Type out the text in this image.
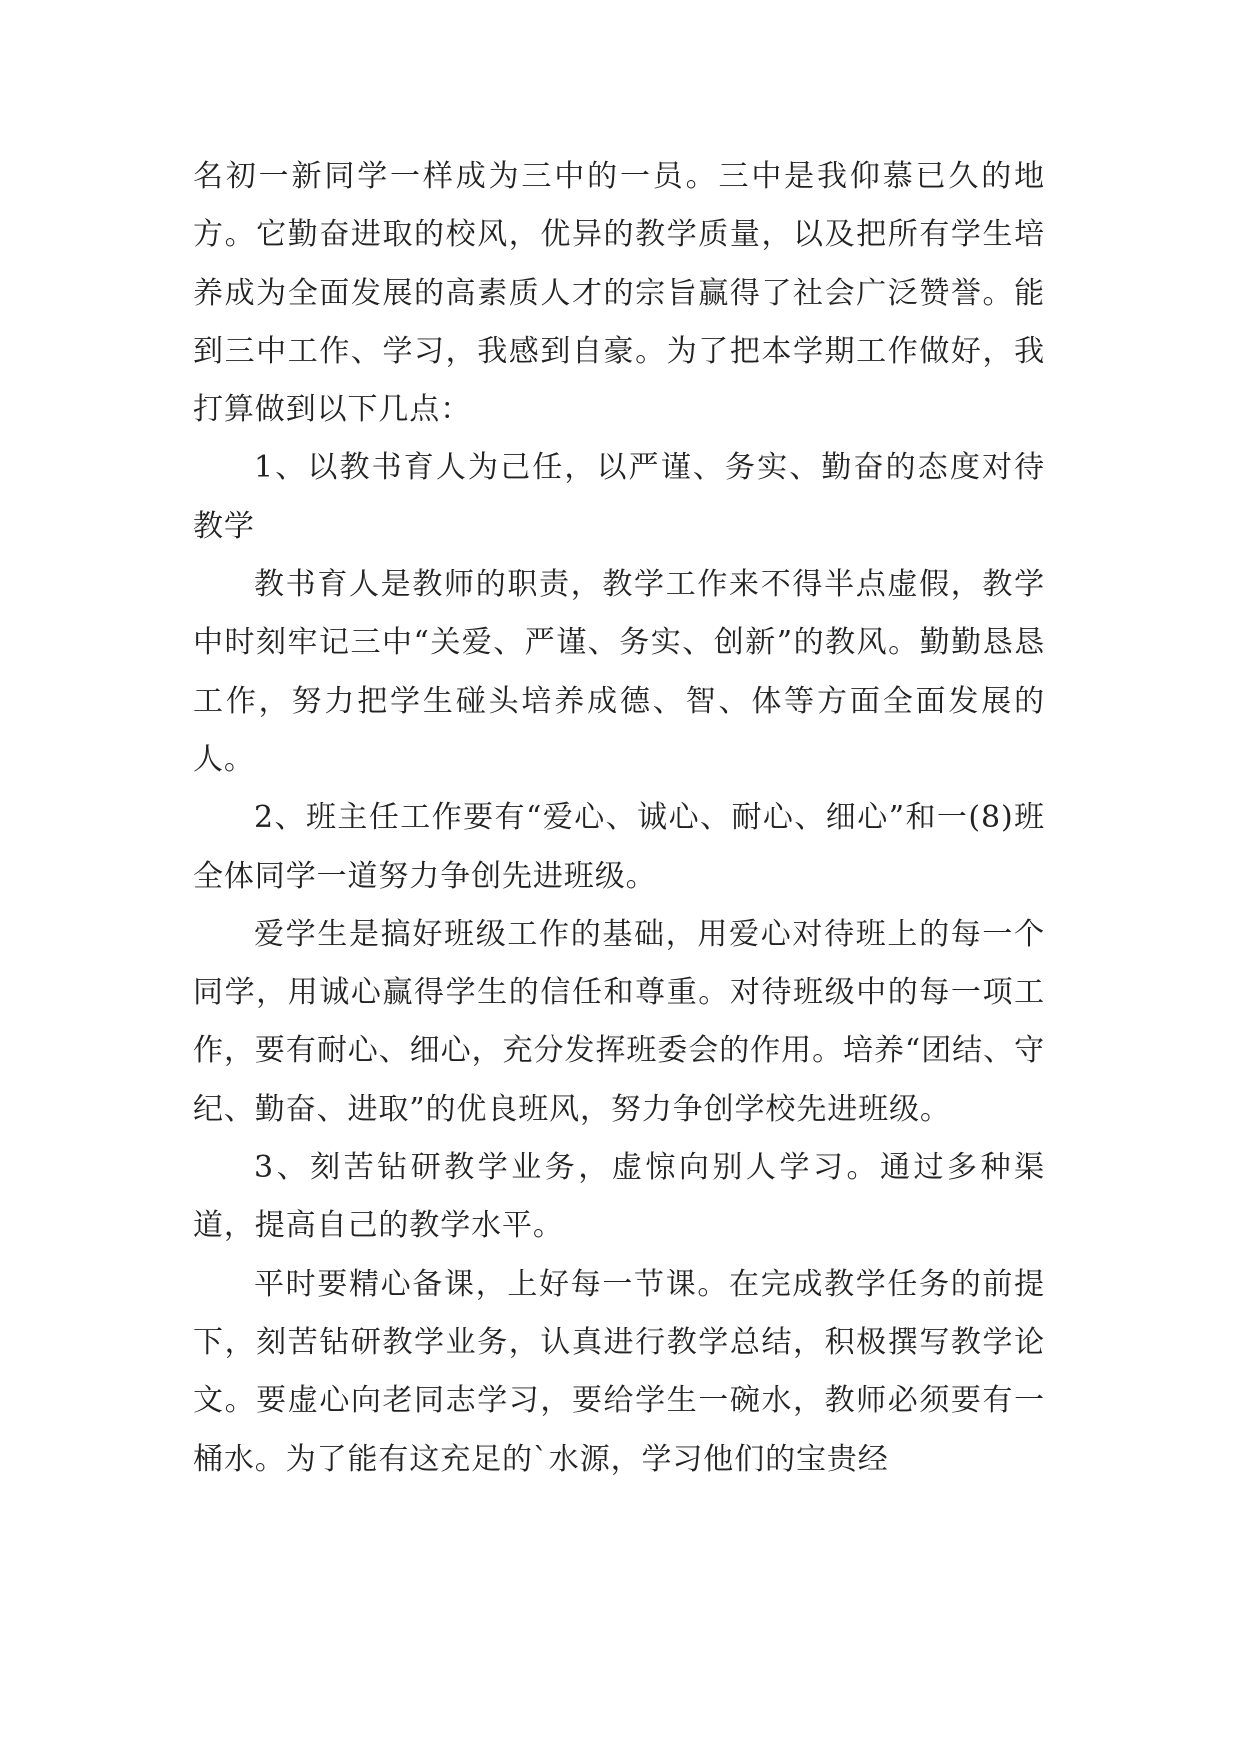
名初一新同学一样成为三中的一员。三中是我仰慕已久的地方。它勤奋进取的校风，优异的教学质量，以及把所有学生培养成为全面发展的高素质人才的宗旨赢得了社会广泛赞誉。能到三中工作、学习，我感到自豪。为了把本学期工作做好，我打算做到以下几点：

1、以教书育人为己任，以严谨、务实、勤奋的态度对待教学

教书育人是教师的职责，教学工作来不得半点虚假，教学中时刻牢记三中“关爱、严谨、务实、创新”的教风。勤勤恳恳工作，努力把学生碰头培养成德、智、体等方面全面发展的人。

2、班主任工作要有“爱心、诚心、耐心、细心”和一(8)班全体同学一道努力争创先进班级。

爱学生是搞好班级工作的基础，用爱心对待班上的每一个同学，用诚心赢得学生的信任和尊重。对待班级中的每一项工作，要有耐心、细心，充分发挥班委会的作用。培养“团结、守纪、勤奋、进取”的优良班风，努力争创学校先进班级。

3、刻苦钻研教学业务，虚惊向别人学习。通过多种渠道，提高自己的教学水平。

平时要精心备课，上好每一节课。在完成教学任务的前提下，刻苦钻研教学业务，认真进行教学总结，积极撰写教学论文。要虚心向老同志学习，要给学生一碗水，教师必须要有一桶水。为了能有这充足的`水源，学习他们的宝贵经
